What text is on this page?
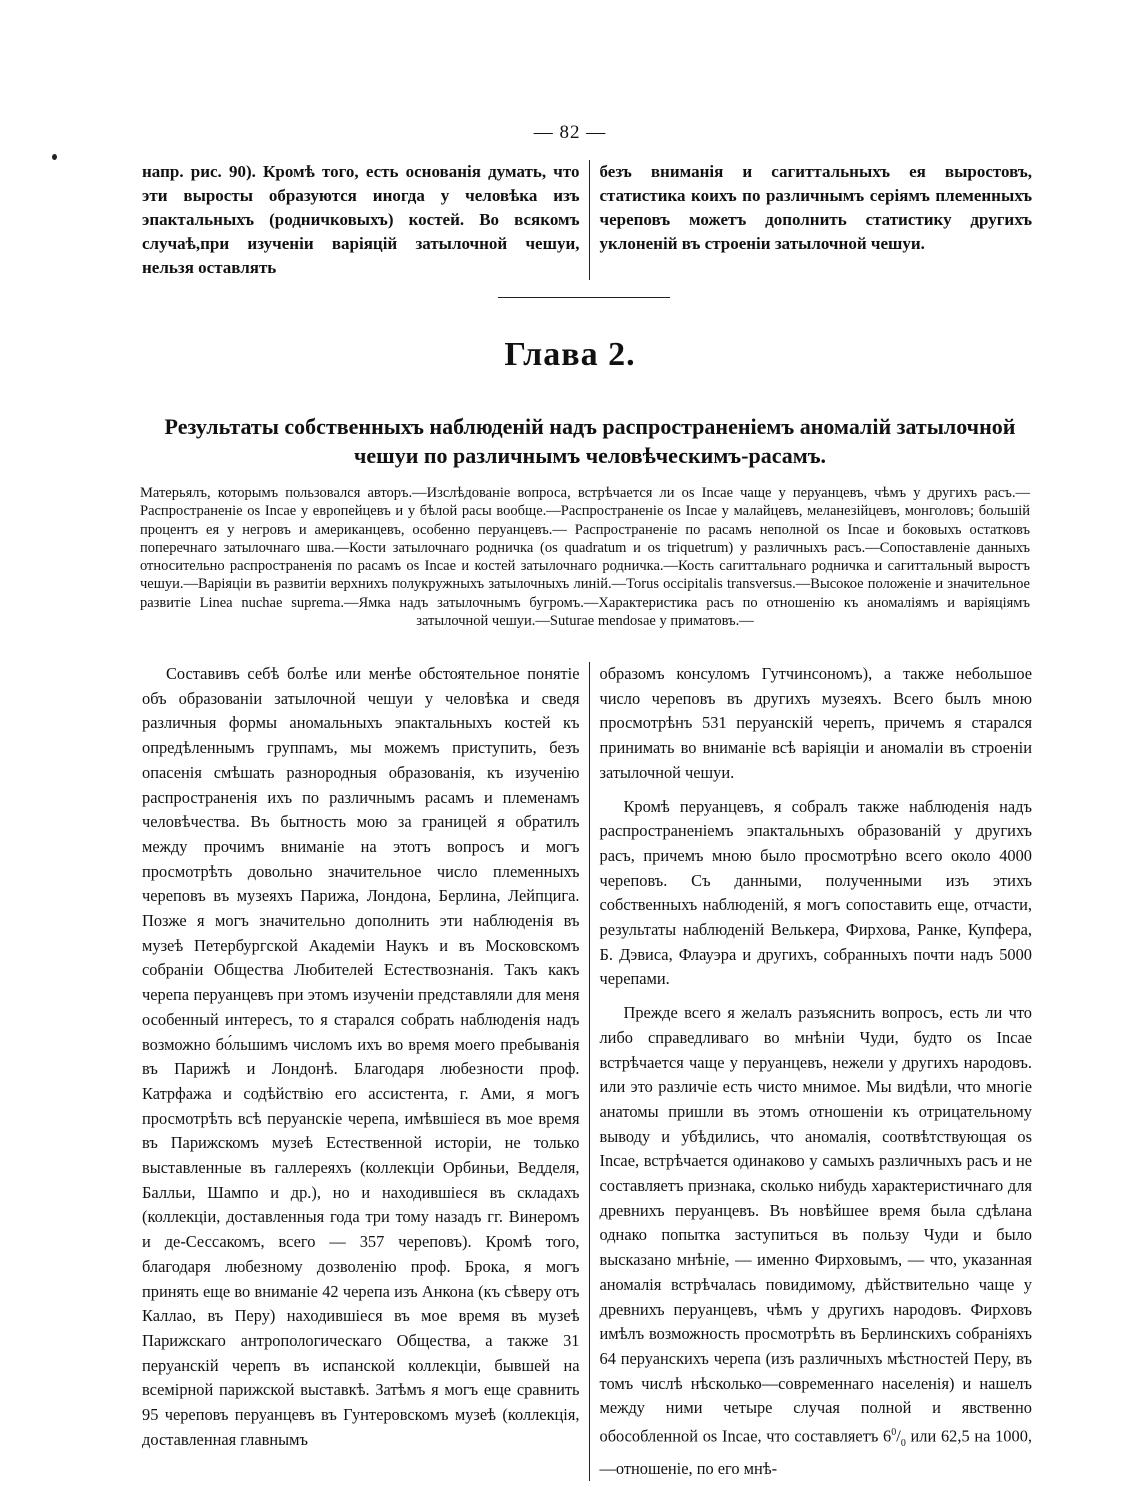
— 82 —
напр. рис. 90). Кромѣ того, есть основанія думать, что эти выросты образуются иногда у человѣка изъ эпактальныхъ (родничковыхъ) костей. Во всякомъ случаѣ,при изученіи варіяцій затылочной чешуи, нельзя оставлять
безъ вниманія и сагиттальныхъ ея выростовъ, статистика коихъ по различнымъ серіямъ племенныхъ череповъ можетъ дополнить статистику другихъ уклоненій въ строеніи затылочной чешуи.
Глава 2.
Результаты собственныхъ наблюденій надъ распространеніемъ аномалій затылочной чешуи по различнымъ человѣческимъ-расамъ.
Матерьялъ, которымъ пользовался авторъ.—Изслѣдованіе вопроса, встрѣчается ли os Incae чаще у перуанцевъ, чѣмъ у другихъ расъ.— Распространеніе os Incae у европейцевъ и у бѣлой расы вообще.—Распространеніе os Incae у малайцевъ, меланезійцевъ, монголовъ; большій процентъ ея у негровъ и американцевъ, особенно перуанцевъ.— Распространеніе по расамъ неполной os Incae и боковыхъ остатковъ поперечнаго затылочнаго шва.—Кости затылочнаго родничка (os quadratum и os triquetrum) у различныхъ расъ.—Сопоставленіе данныхъ относительно распространенія по расамъ os Incae и костей затылочнаго родничка.—Кость сагиттальнаго родничка и сагиттальный выростъ чешуи.—Варіяціи въ развитіи верхнихъ полукружныхъ затылочныхъ линій.—Torus occipitalis transversus.—Высокое положеніе и значительное развитіе Linea nuchae suprema.—Ямка надъ затылочнымъ бугромъ.—Характеристика расъ по отношенію къ аномаліямъ и варіяціямъ затылочной чешуи.—Suturae mendosae у приматовъ.—

Составивъ себѣ болѣе или менѣе обстоятельное понятіе объ образованіи затылочной чешуи у человѣка и сведя различныя формы аномальныхъ эпактальныхъ костей къ опредѣленнымъ группамъ, мы можемъ приступить, безъ опасенія смѣшать разнородныя образованія, къ изученію распространенія ихъ по различнымъ расамъ и племенамъ человѣчества. Въ бытность мою за границей я обратилъ между прочимъ вниманіе на этотъ вопросъ и могъ просмотрѣть довольно значительное число племенныхъ череповъ въ музеяхъ Парижа, Лондона, Берлина, Лейпцига. Позже я могъ значительно дополнить эти наблюденія въ музеѣ Петербургской Академіи Наукъ и въ Московскомъ собраніи Общества Любителей Естествознанія. Такъ какъ черепа перуанцевъ при этомъ изученіи представляли для меня особенный интересъ, то я старался собрать наблюденія надъ возможно бо́льшимъ числомъ ихъ во время моего пребыванія въ Парижѣ и Лондонѣ. Благодаря любезности проф. Катрфажа и содѣйствію его ассистента, г. Ами, я могъ просмотрѣть всѣ перуанскіе черепа, имѣвшіеся въ мое время въ Парижскомъ музеѣ Естественной исторіи, не только выставленные въ галлереяхъ (коллекціи Орбиньи, Ведделя, Балльи, Шампо и др.), но и находившіеся въ складахъ (коллекціи, доставленныя года три тому назадъ гг. Винеромъ и де-Сессакомъ, всего — 357 череповъ). Кромѣ того, благодаря любезному дозволенію проф. Брока, я могъ принять еще во вниманіе 42 черепа изъ Анкона (къ сѣверу отъ Каллао, въ Перу) находившіеся въ мое время въ музеѣ Парижскаго антропологическаго Общества, а также 31 перуанскій черепъ въ испанской коллекціи, бывшей на всемірной парижской выставкѣ. Затѣмъ я могъ еще сравнить 95 череповъ перуанцевъ въ Гунтеровскомъ музеѣ (коллекція, доставленная главнымъ

образомъ консуломъ Гутчинсономъ), а также небольшое число череповъ въ другихъ музеяхъ. Всего былъ мною просмотрѣнъ 531 перуанскій черепъ, причемъ я старался принимать во вниманіе всѣ варіяціи и аномаліи въ строеніи затылочной чешуи.

Кромѣ перуанцевъ, я собралъ также наблюденія надъ распространеніемъ эпактальныхъ образованій у другихъ расъ, причемъ мною было просмотрѣно всего около 4000 череповъ. Съ данными, полученными изъ этихъ собственныхъ наблюденій, я могъ сопоставить еще, отчасти, результаты наблюденій Велькера, Фирхова, Ранке, Купфера, Б. Дэвиса, Флауэра и другихъ, собранныхъ почти надъ 5000 черепами.

Прежде всего я желалъ разъяснить вопросъ, есть ли что либо справедливаго во мнѣніи Чуди, будто os Incae встрѣчается чаще у перуанцевъ, нежели у другихъ народовъ. или это различіе есть чисто мнимое. Мы видѣли, что многіе анатомы пришли въ этомъ отношеніи къ отрицательному выводу и убѣдились, что аномалія, соотвѣтствующая os Incae, встрѣчается одинаково у самыхъ различныхъ расъ и не составляетъ признака, сколько нибудь характеристичнаго для древнихъ перуанцевъ. Въ новѣйшее время была сдѣлана однако попытка заступиться въ пользу Чуди и было высказано мнѣніе, — именно Фирховымъ, — что, указанная аномалія встрѣчалась повидимому, дѣйствительно чаще у древнихъ перуанцевъ, чѣмъ у другихъ народовъ. Фирховъ имѣлъ возможность просмотрѣть въ Берлинскихъ собраніяхъ 64 перуанскихъ черепа (изъ различныхъ мѣстностей Перу, въ томъ числѣ нѣсколько—современнаго населенія) и нашелъ между ними четыре случая полной и явственно обособленной os Incae, что составляетъ $6^0/_0$ или 62,5 на 1000,—отношеніе, по его мнѣ-
